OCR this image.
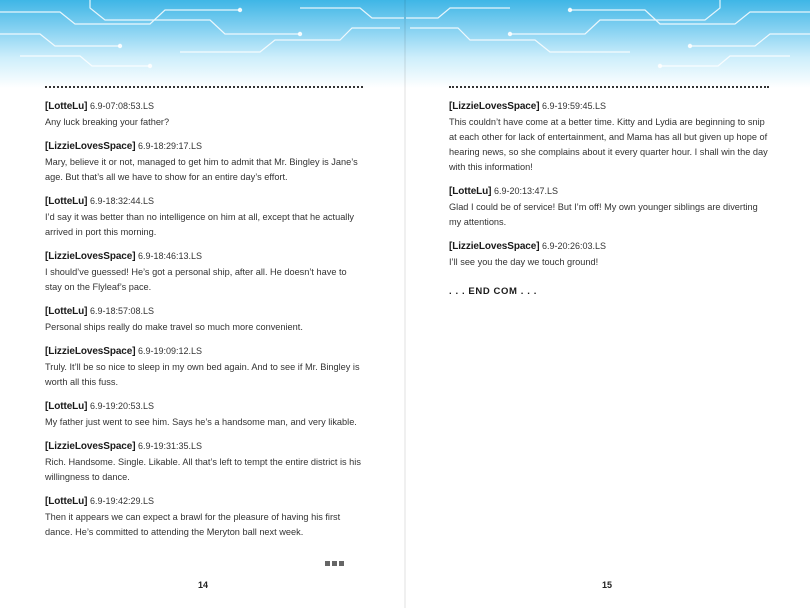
[LotteLu] 6.9-07:08:53.LS
Any luck breaking your father?
[LizzieLovesSpace] 6.9-18:29:17.LS
Mary, believe it or not, managed to get him to admit that Mr. Bingley is Jane’s age. But that’s all we have to show for an entire day’s effort.
[LotteLu] 6.9-18:32:44.LS
I’d say it was better than no intelligence on him at all, except that he actually arrived in port this morning.
[LizzieLovesSpace] 6.9-18:46:13.LS
I should’ve guessed! He’s got a personal ship, after all. He doesn’t have to stay on the Flyleaf’s pace.
[LotteLu] 6.9-18:57:08.LS
Personal ships really do make travel so much more convenient.
[LizzieLovesSpace] 6.9-19:09:12.LS
Truly. It’ll be so nice to sleep in my own bed again. And to see if Mr. Bingley is worth all this fuss.
[LotteLu] 6.9-19:20:53.LS
My father just went to see him. Says he’s a handsome man, and very likable.
[LizzieLovesSpace] 6.9-19:31:35.LS
Rich. Handsome. Single. Likable. All that’s left to tempt the entire district is his willingness to dance.
[LotteLu] 6.9-19:42:29.LS
Then it appears we can expect a brawl for the pleasure of having his first dance. He’s committed to attending the Meryton ball next week.
[LizzieLovesSpace] 6.9-19:59:45.LS
This couldn’t have come at a better time. Kitty and Lydia are beginning to snip at each other for lack of entertainment, and Mama has all but given up hope of hearing news, so she complains about it every quarter hour. I shall win the day with this information!
[LotteLu] 6.9-20:13:47.LS
Glad I could be of service! But I’m off! My own younger siblings are diverting my attentions.
[LizzieLovesSpace] 6.9-20:26:03.LS
I’ll see you the day we touch ground!
. . . END COM . . .
14	15
